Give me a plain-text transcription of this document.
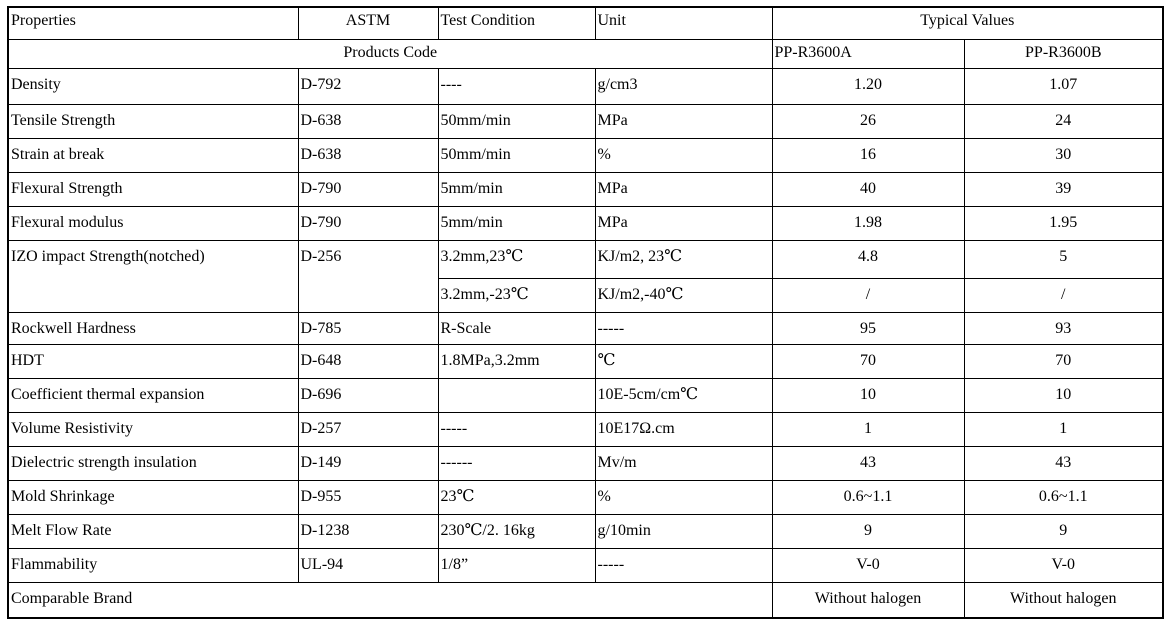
Properties	ASTM	Test Condition	Unit	Typical Values	
Products Code				PP-R3600A	PP-R3600B
Density	D-792	----	g/cm3	1.20	1.07
Tensile Strength	D-638	50mm/min	MPa	26	24
Strain at break	D-638	50mm/min	%	16	30
Flexural Strength	D-790	5mm/min	MPa	40	39
Flexural modulus	D-790	5mm/min	MPa	1.98	1.95
IZO impact Strength(notched)	D-256	3.2mm,23℃	KJ/m2, 23℃	4.8	5
		3.2mm,-23℃	KJ/m2,-40℃	/	/
Rockwell Hardness	D-785	R-Scale	-----	95	93
HDT	D-648	1.8MPa,3.2mm	℃	70	70
Coefficient thermal expansion	D-696		10E-5cm/cm℃	10	10
Volume Resistivity	D-257	-----	10E17Ω.cm	1	1
Dielectric strength insulation	D-149	------	Mv/m	43	43
Mold Shrinkage	D-955	23℃	%	0.6~1.1	0.6~1.1
Melt Flow Rate	D-1238	230℃/2. 16kg	g/10min	9	9
Flammability	UL-94	1/8”	-----	V-0	V-0
Comparable Brand				Without halogen	Without halogen
